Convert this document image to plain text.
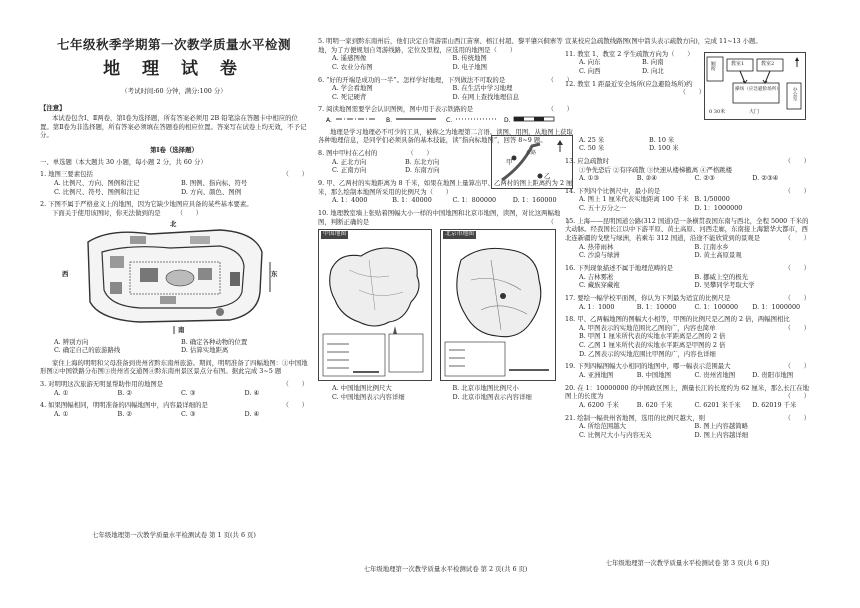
七年级秋季学期第一次教学质量水平检测
地 理 试 卷
（考试时间:60 分钟，满分:100 分）
【注意】
本试卷包含Ⅰ、Ⅱ两卷，第Ⅰ卷为选择题，所有答案必须用 2B 铅笔涂在答题卡中相应的位置。第Ⅱ卷为非选择题，所有答案必须填在答题卷的相应位置。答案写在试卷上均无效，不予记分。
第Ⅰ卷（选择题）
一、单选题（本大题共 30 小题，每小题 2 分，共 60 分）
1. 地图三要素包括	（　　）
A. 比例尺、方向、图例和注记	B. 图例、指向标、符号
C. 比例尺、符号、图例和注记	D. 方向、颜色、图例
2. 下图不属于严格意义上的地图，因为它缺少地图应具备的某些基本要素。
下面关于使用该图时，你无法做到的是	（　　）
北
西	东
南
A. 辨别方向	B. 确定各种动物的位置
C. 确定自己的旅游路线	D. 估算实地距离
家住上海的明明和父母准备到贵州省黔东南州旅游。期间，明明准备了四幅地图：①中国地形图②中国铁路分布图③贵州省交通图④黔东南州景区景点分布图。据此完成 3~5 题
3. 对明明这次旅游无明显帮助作用的地图是	（　　）
A. ①	B. ②	C. ③	D. ④
4. 如果图幅相同，明明准备的四幅地图中，内容最详细的是	（　　）
A. ①	B. ②	C. ③	D. ④
七年级地理第一次教学质量水平检测试卷 第 1 页(共 6 页)
5. 明明一家到黔东南州后，他们决定自驾游雷山西江苗寨、榕江村超、黎平肇兴侗寨等地，为了方便规划自驾游线路，定位及里程，应选用的地图是（　　）
A. 遥感图像	B. 传统地图
C. 农业分布图	D. 电子地图
6. “好的开端是成功的一半”。怎样学好地理，下列做法不可取的是	（　　）
A. 学会看地图	B. 在生活中学习地理
C. 死记硬背	D. 在网上查找地理信息
7. 阅读地图需要学会认识图例，图中用于表示铁路的是	（　　）
A.	B.	C.	D.
地理是学习地理必不可少的工具，被称之为地理第二言语。读图，用图，从地图上获取各种地理信息，是同学们必须具备的基本技能，读“指向标地图”，回答 8~9 题。
8. 图中甲村在乙村的	（　　）
A. 正北方向	B. 东北方向
C. 正南方向	D. 东南方向
甲
乙
公路
9. 甲、乙两村的实地距离为 8 千米，如果在地图上量算出甲、乙两村的图上距离约为 2 厘米，那么绘制本地图所采用的比例尺为（　　）
A. 1：4000	B. 1：40000	C. 1：800000	D. 1：160000
10. 地理教室墙上张贴着图幅大小一样的中国地图和北京市地图，读图，对比这两幅地图，判断正确的是	（　　）
中国地图	北京市地图
A. 中国地图比例尺大	B. 北京市地图比例尺小
C. 中国地图表示内容详细	D. 北京市地图表示内容详细
七年级地理第一次教学质量水平检测试卷 第 2 页(共 6 页)
宣某校应急疏散线路图(图中箭头表示疏散方向)，完成 11~13 小题。
11. 教室 1、教室 2 学生疏散方向为（　　）
A. 向东	B. 向南
C. 向西	D. 向北
厕所	教室1	教室2
操场（应急避险场所） 办公室
大门
0 30米
12. 教室 1 距最近安全场所(应急避险场所)约
（　　）
A. 25 米	B. 10 米
C. 50 米	D. 100 米
13. 应急疏散时	（　　）
①争先恐后 ②有序疏散 ③快速从楼梯撤离 ④严格跳楼
A. ①③	B. ②④	C. ②③	D. ②③④
14. 下列四个比例尺中，最小的是	（　　）
A. 图上 1 厘米代表实地距离 100 千米 B. 1/50000
C. 五十万分之一	D. 1：1000000
15. 上海——昆明国道公路(312 国道)是一条横贯我国东南与西北，全程 5000 千米的大动脉。经我国长江以中下游平原、黄土高原、河西走廊，东南接上海繁华大都市，西北连新疆的戈壁与绿洲，若乘车 312 国道，沿途不能欣赏到的景观是	（　　）
A. 热带雨林	B. 江南水乡
C. 沙漠与绿洲	D. 黄土高原景观
16. 下列现象描述不属于地理范畴的是	（　　）
A. 吉林雾凇	B. 挪威上空的极光
C. 藏族穿藏袍	D. 吴攀同学考取大学
17. 要绘一幅学校平面图，你认为下列最为适宜的比例尺是	（　　）
A. 1：1000	B. 1：10000	C. 1：100000	D. 1：1000000
18. 甲、乙两幅地图的图幅大小相等，甲图的比例尺是乙图的 2 倍，两幅图相比
（　　）
A. 甲图表示的实地范围比乙图的广，内容也简单
B. 甲图 1 厘米所代表的实地水平距离是乙图的 2 倍
C. 乙图 1 厘米所代表的实地水平距离是甲图的 2 倍
D. 乙图表示的实地范围比甲图的广，内容也详细
19. 下列四幅图幅大小相同的地图中，哪一幅表示范围最大	（　　）
A. 亚洲地图	B. 中国地图	C. 贵州省地图	D. 贵阳市地图
20. 在 1：10000000 的中国政区图上，测量长江的长度约为 62 厘米，那么长江在地图上的长度为	（　　）
A. 6200 千米	B. 620 千米	C. 6201 米千米	D. 62019 千米
21. 绘制一幅贵州省地图，选用的比例尺越大，则	（　　）
A. 所绘范围越大	B. 图上内容越简略
C. 比例尺大小与内容无关	D. 图上内容越详细
七年级地理第一次教学质量水平检测试卷 第 3 页(共 6 页)
